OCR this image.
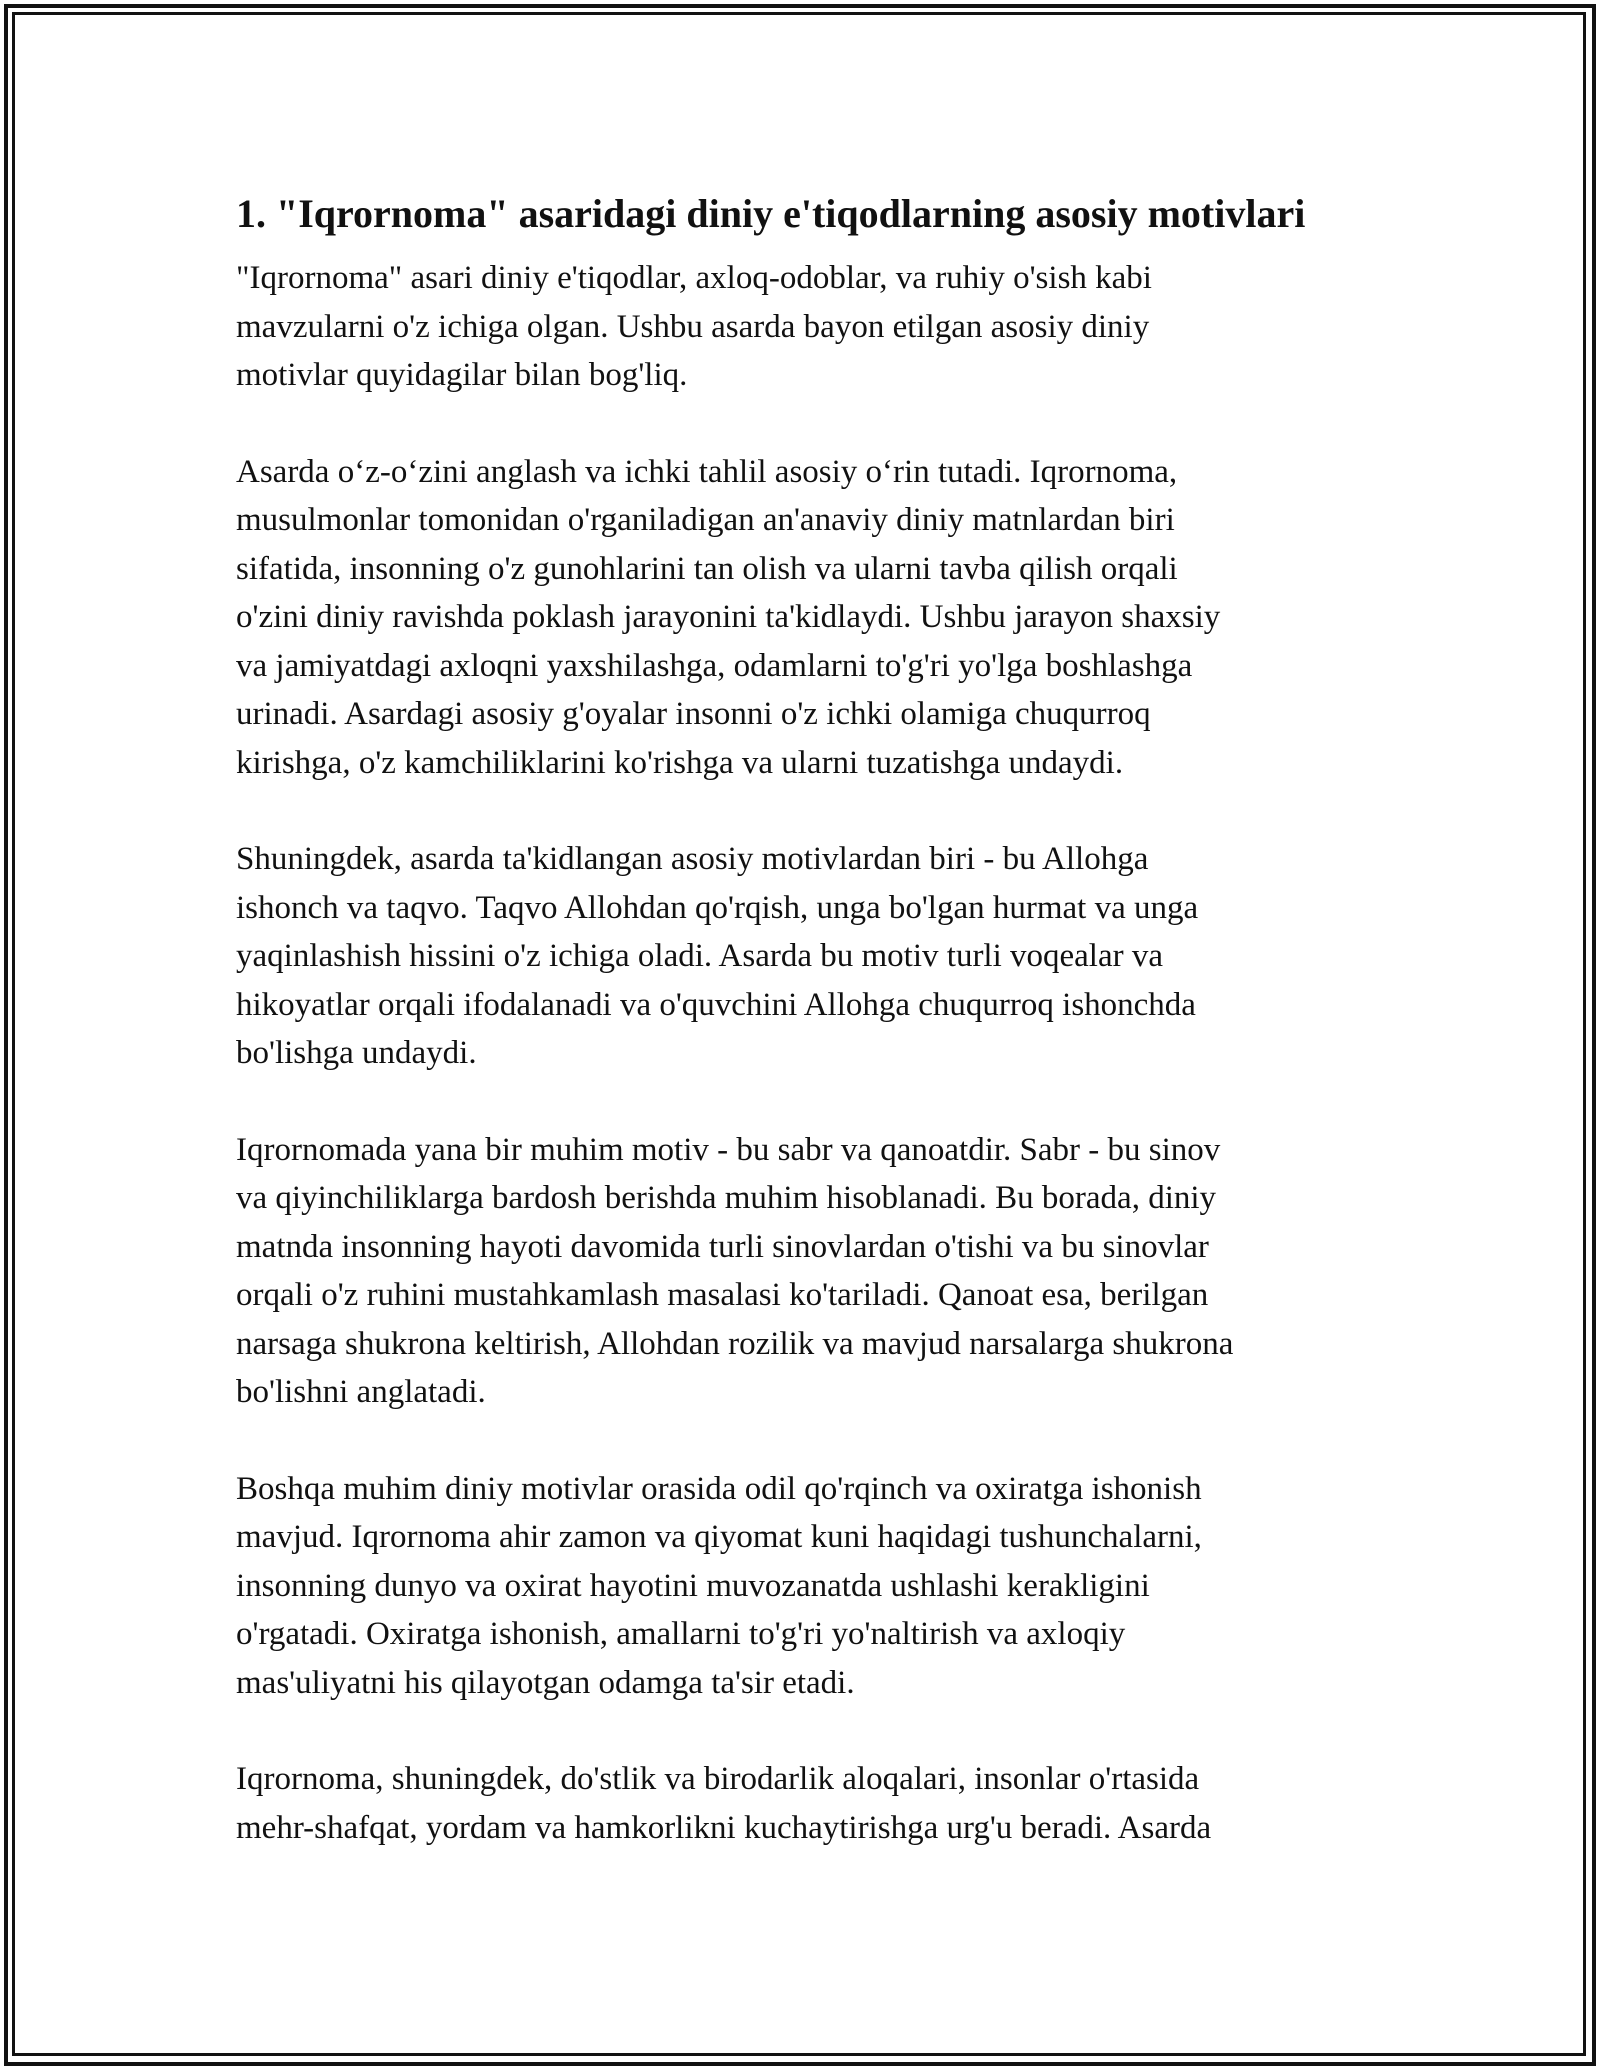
1. "Iqrornoma" asaridagi diniy e'tiqodlarning asosiy motivlari

"Iqrornoma" asari diniy e'tiqodlar, axloq-odoblar, va ruhiy o'sish kabi
mavzularni o'z ichiga olgan. Ushbu asarda bayon etilgan asosiy diniy
motivlar quyidagilar bilan bog'liq.

Asarda o‘z-o‘zini anglash va ichki tahlil asosiy o‘rin tutadi. Iqrornoma,
musulmonlar tomonidan o'rganiladigan an'anaviy diniy matnlardan biri
sifatida, insonning o'z gunohlarini tan olish va ularni tavba qilish orqali
o'zini diniy ravishda poklash jarayonini ta'kidlaydi. Ushbu jarayon shaxsiy
va jamiyatdagi axloqni yaxshilashga, odamlarni to'g'ri yo'lga boshlashga
urinadi. Asardagi asosiy g'oyalar insonni o'z ichki olamiga chuqurroq
kirishga, o'z kamchiliklarini ko'rishga va ularni tuzatishga undaydi.

Shuningdek, asarda ta'kidlangan asosiy motivlardan biri - bu Allohga
ishonch va taqvo. Taqvo Allohdan qo'rqish, unga bo'lgan hurmat va unga
yaqinlashish hissini o'z ichiga oladi. Asarda bu motiv turli voqealar va
hikoyatlar orqali ifodalanadi va o'quvchini Allohga chuqurroq ishonchda
bo'lishga undaydi.

Iqrornomada yana bir muhim motiv - bu sabr va qanoatdir. Sabr - bu sinov
va qiyinchiliklarga bardosh berishda muhim hisoblanadi. Bu borada, diniy
matnda insonning hayoti davomida turli sinovlardan o'tishi va bu sinovlar
orqali o'z ruhini mustahkamlash masalasi ko'tariladi. Qanoat esa, berilgan
narsaga shukrona keltirish, Allohdan rozilik va mavjud narsalarga shukrona
bo'lishni anglatadi.

Boshqa muhim diniy motivlar orasida odil qo'rqinch va oxiratga ishonish
mavjud. Iqrornoma ahir zamon va qiyomat kuni haqidagi tushunchalarni,
insonning dunyo va oxirat hayotini muvozanatda ushlashi kerakligini
o'rgatadi. Oxiratga ishonish, amallarni to'g'ri yo'naltirish va axloqiy
mas'uliyatni his qilayotgan odamga ta'sir etadi.

Iqrornoma, shuningdek, do'stlik va birodarlik aloqalari, insonlar o'rtasida
mehr-shafqat, yordam va hamkorlikni kuchaytirishga urg'u beradi. Asarda
